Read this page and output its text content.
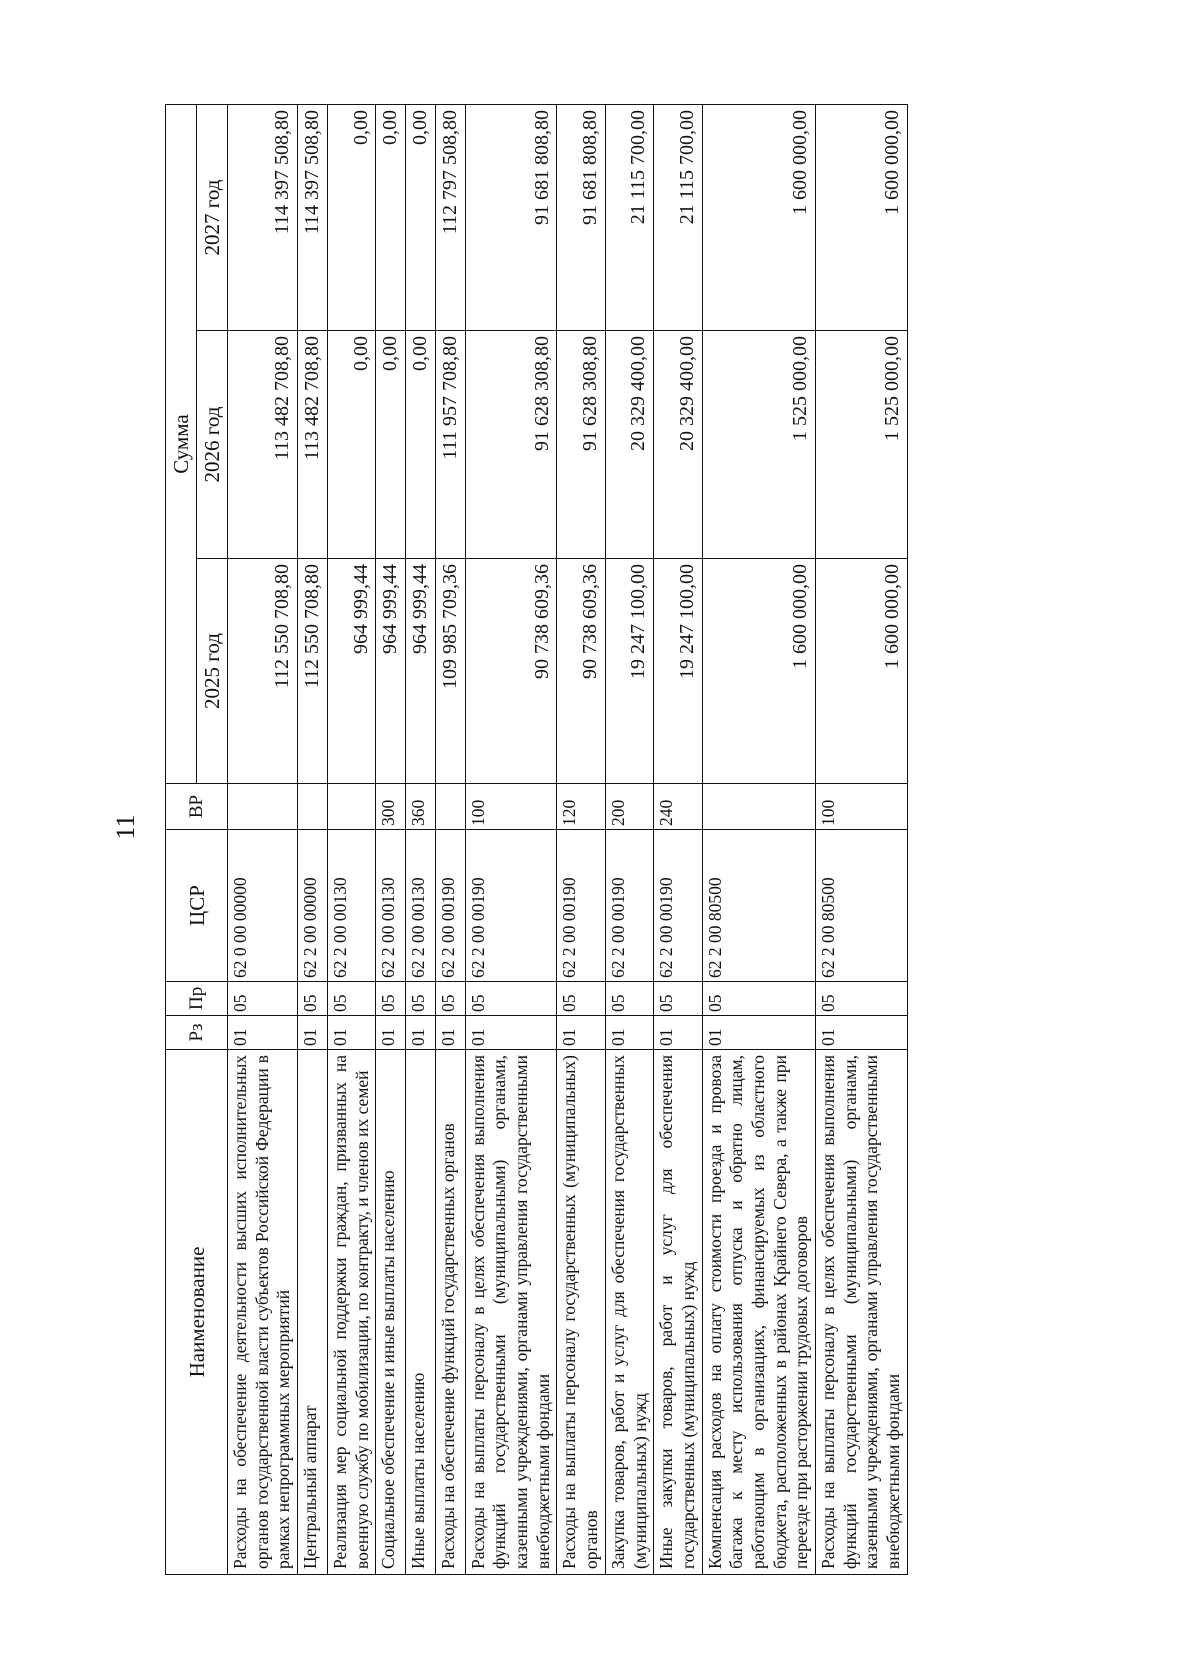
11
Наименование	Рз	Пр	ЦСР	ВР	Сумма		
					2025 год	2026 год	2027 год
Расходы на обеспечение деятельности высших исполнительных органов государственной власти субъектов Российской Федерации в рамках непрограммных мероприятий	01	05	62 0 00 00000		112 550 708,80	113 482 708,80	114 397 508,80
Центральный аппарат	01	05	62 2 00 00000		112 550 708,80	113 482 708,80	114 397 508,80
Реализация мер социальной поддержки граждан, призванных на военную службу по мобилизации, по контракту, и членов их семей	01	05	62 2 00 00130		964 999,44	0,00	0,00
Социальное обеспечение и иные выплаты населению	01	05	62 2 00 00130	300	964 999,44	0,00	0,00
Иные выплаты населению	01	05	62 2 00 00130	360	964 999,44	0,00	0,00
Расходы на обеспечение функций государственных органов	01	05	62 2 00 00190		109 985 709,36	111 957 708,80	112 797 508,80
Расходы на выплаты персоналу в целях обеспечения выполнения функций государственными (муниципальными) органами, казенными учреждениями, органами управления государственными внебюджетными фондами	01	05	62 2 00 00190	100	90 738 609,36	91 628 308,80	91 681 808,80
Расходы на выплаты персоналу государственных (муниципальных) органов	01	05	62 2 00 00190	120	90 738 609,36	91 628 308,80	91 681 808,80
Закупка товаров, работ и услуг для обеспечения государственных (муниципальных) нужд	01	05	62 2 00 00190	200	19 247 100,00	20 329 400,00	21 115 700,00
Иные закупки товаров, работ и услуг для обеспечения государственных (муниципальных) нужд	01	05	62 2 00 00190	240	19 247 100,00	20 329 400,00	21 115 700,00
Компенсация расходов на оплату стоимости проезда и провоза багажа к месту использования отпуска и обратно лицам, работающим в организациях, финансируемых из областного бюджета, расположенных в районах Крайнего Севера, а также при переезде при расторжении трудовых договоров	01	05	62 2 00 80500		1 600 000,00	1 525 000,00	1 600 000,00
Расходы на выплаты персоналу в целях обеспечения выполнения функций государственными (муниципальными) органами, казенными учреждениями, органами управления государственными внебюджетными фондами	01	05	62 2 00 80500	100	1 600 000,00	1 525 000,00	1 600 000,00
